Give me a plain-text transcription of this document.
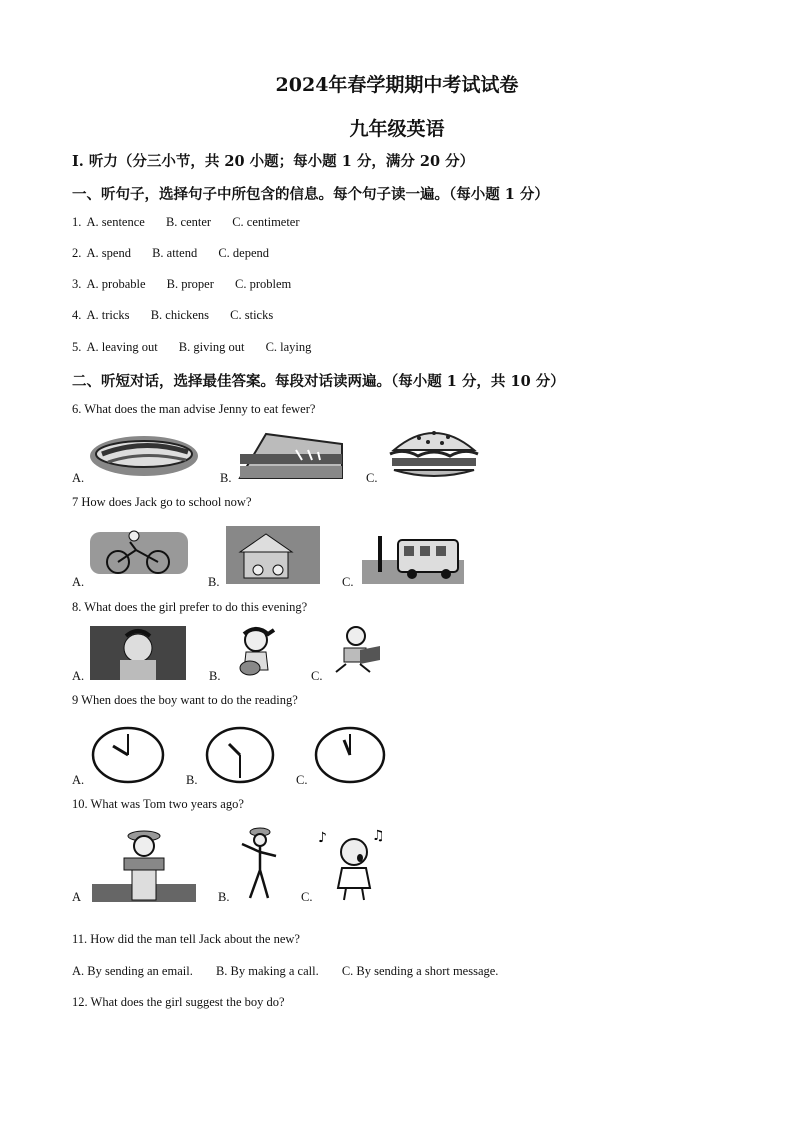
2024年春学期期中考试试卷
九年级英语
I. 听力（分三小节，共 20 小题；每小题 1 分，满分 20 分）
一、听句子，选择句子中所包含的信息。每个句子读一遍。（每小题 1 分）
1. A. sentence B. center C. centimeter
2. A. spend B. attend C. depend
3. A. probable B. proper C. problem
4. A. tricks B. chickens C. sticks
5. A. leaving out B. giving out C. laying
二、听短对话，选择最佳答案。每段对话读两遍。（每小题 1 分，共 10 分）
6. What does the man advise Jenny to eat fewer?
A.	B.	C.
7 How does Jack go to school now?
A.	B.	C.
8. What does the girl prefer to do this evening?
A.	B.	C.
9 When does the boy want to do the reading?
A.	B.	C.
10. What was Tom two years ago?
A	B.	C.
♪	♫
11. How did the man tell Jack about the new?
A. By sending an email. B. By making a call. C. By sending a short message.
12. What does the girl suggest the boy do?
